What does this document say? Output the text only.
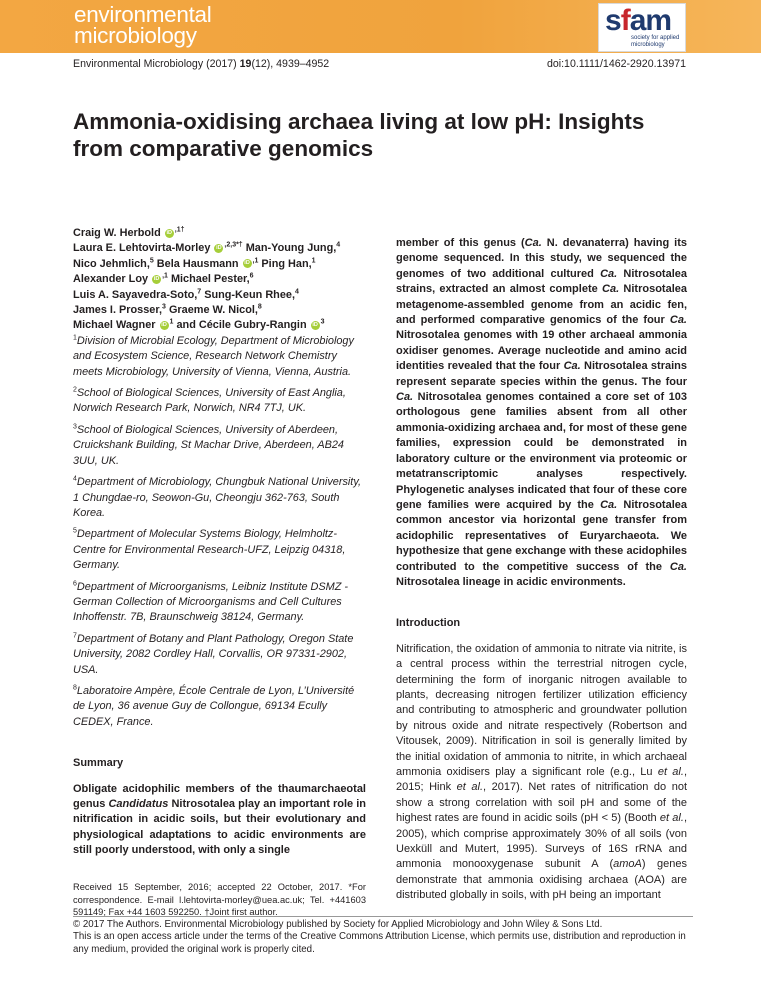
environmental
microbiology	sfam
society for applied microbiology
Environmental Microbiology (2017) 19(12), 4939–4952	doi:10.1111/1462-2920.13971
Ammonia-oxidising archaea living at low pH: Insights from comparative genomics
Craig W. Herbold iD $^{,1\dagger}$
Laura E. Lehtovirta-Morley iD $^{,2,3*\dagger}$ Man-Young Jung,$^4$
Nico Jehmlich,$^5$ Bela Hausmann iD $^{,1}$ Ping Han,$^1$
Alexander Loy iD $^{,1}$ Michael Pester,$^6$
Luis A. Sayavedra-Soto,$^7$ Sung-Keun Rhee,$^4$
James I. Prosser,$^3$ Graeme W. Nicol,$^8$
Michael Wagner iD $^1$ and Cécile Gubry-Rangin iD $^3$

$^1$Division of Microbial Ecology, Department of Microbiology and Ecosystem Science, Research Network Chemistry meets Microbiology, University of Vienna, Vienna, Austria.

$^2$School of Biological Sciences, University of East Anglia, Norwich Research Park, Norwich, NR4 7TJ, UK.

$^3$School of Biological Sciences, University of Aberdeen, Cruickshank Building, St Machar Drive, Aberdeen, AB24 3UU, UK.

$^4$Department of Microbiology, Chungbuk National University, 1 Chungdae-ro, Seowon-Gu, Cheongju 362-763, South Korea.

$^5$Department of Molecular Systems Biology, Helmholtz-Centre for Environmental Research-UFZ, Leipzig 04318, Germany.

$^6$Department of Microorganisms, Leibniz Institute DSMZ - German Collection of Microorganisms and Cell Cultures Inhoffenstr. 7B, Braunschweig 38124, Germany.

$^7$Department of Botany and Plant Pathology, Oregon State University, 2082 Cordley Hall, Corvallis, OR 97331-2902, USA.

$^8$Laboratoire Ampère, École Centrale de Lyon, L’Université de Lyon, 36 avenue Guy de Collongue, 69134 Ecully CEDEX, France.

Summary
Obligate acidophilic members of the thaumarchaeotal genus Candidatus Nitrosotalea play an important role in nitrification in acidic soils, but their evolutionary and physiological adaptations to acidic environments are still poorly understood, with only a single
member of this genus (Ca. N. devanaterra) having its genome sequenced. In this study, we sequenced the genomes of two additional cultured Ca. Nitrosotalea strains, extracted an almost complete Ca. Nitrosotalea metagenome-assembled genome from an acidic fen, and performed comparative genomics of the four Ca. Nitrosotalea genomes with 19 other archaeal ammonia oxidiser genomes. Average nucleotide and amino acid identities revealed that the four Ca. Nitrosotalea strains represent separate species within the genus. The four Ca. Nitrosotalea genomes contained a core set of 103 orthologous gene families absent from all other ammonia-oxidizing archaea and, for most of these gene families, expression could be demonstrated in laboratory culture or the environment via proteomic or metatranscriptomic analyses respectively. Phylogenetic analyses indicated that four of these core gene families were acquired by the Ca. Nitrosotalea common ancestor via horizontal gene transfer from acidophilic representatives of Euryarchaeota. We hypothesize that gene exchange with these acidophiles contributed to the competitive success of the Ca. Nitrosotalea lineage in acidic environments.
Introduction
Nitrification, the oxidation of ammonia to nitrate via nitrite, is a central process within the terrestrial nitrogen cycle, determining the form of inorganic nitrogen available to plants, decreasing nitrogen fertilizer utilization efficiency and contributing to atmospheric and groundwater pollution by nitrous oxide and nitrate respectively (Robertson and Vitousek, 2009). Nitrification in soil is generally limited by the initial oxidation of ammonia to nitrite, in which archaeal ammonia oxidisers play a significant role (e.g., Lu et al., 2015; Hink et al., 2017). Net rates of nitrification do not show a strong correlation with soil pH and some of the highest rates are found in acidic soils (pH < 5) (Booth et al., 2005), which comprise approximately 30% of all soils (von Uexküll and Mutert, 1995). Surveys of 16S rRNA and ammonia monooxygenase subunit A (amoA) genes demonstrate that ammonia oxidising archaea (AOA) are distributed globally in soils, with pH being an important
Received 15 September, 2016; accepted 22 October, 2017. *For correspondence. E-mail l.lehtovirta-morley@uea.ac.uk; Tel. +441603 591149; Fax +44 1603 592250. †Joint first author.
© 2017 The Authors. Environmental Microbiology published by Society for Applied Microbiology and John Wiley & Sons Ltd.
This is an open access article under the terms of the Creative Commons Attribution License, which permits use, distribution and reproduction in any medium, provided the original work is properly cited.
